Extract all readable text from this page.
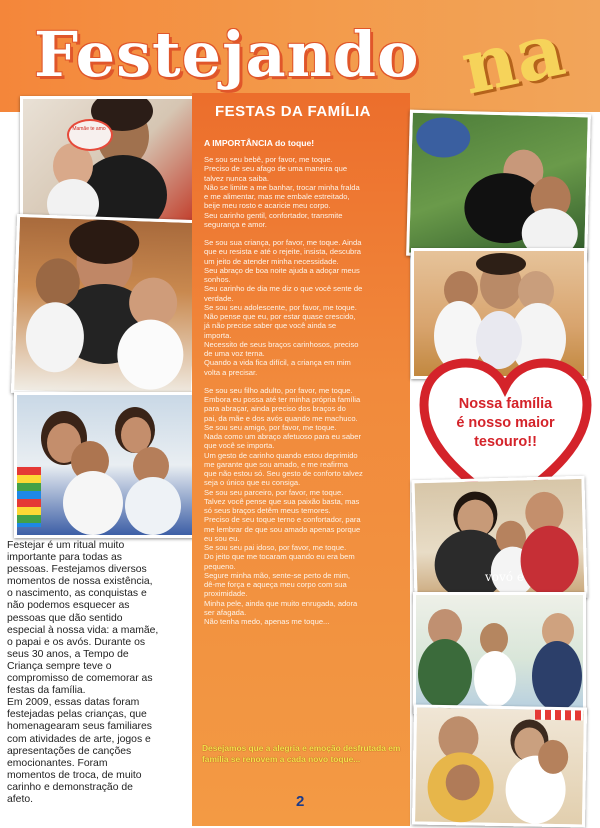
Festejando na
Mamãe te amo
Festejar é um ritual muito
importante para todas as
pessoas. Festejamos diversos
momentos de nossa existência,
o nascimento, as conquistas e
não podemos esquecer as
pessoas que dão sentido
especial à nossa vida: a mamãe,
o papai e os avós. Durante os
seus 30 anos, a Tempo de
Criança sempre teve o
compromisso de comemorar as
festas da família.
Em 2009, essas datas foram
festejadas pelas crianças, que
homenagearam seus familiares
com atividades de arte, jogos e
apresentações de canções
emocionantes. Foram
momentos de troca, de muito
carinho e demonstração de
afeto.
FESTAS DA FAMÍLIA
A IMPORTÂNCIA do toque!

Se sou seu bebê, por favor, me toque.
Preciso de seu afago de uma maneira que
talvez nunca saiba.
Não se limite a me banhar, trocar minha fralda
e me alimentar, mas me embale estreitado,
beije meu rosto e acaricie meu corpo.
Seu carinho gentil, confortador, transmite
segurança e amor.

Se sou sua criança, por favor, me toque. Ainda
que eu resista e até o rejeite, insista, descubra
um jeito de atender minha necessidade.
Seu abraço de boa noite ajuda a adoçar meus
sonhos.
Seu carinho de dia me diz o que você sente de
verdade.
Se sou seu adolescente, por favor, me toque.
Não pense que eu, por estar quase crescido,
já não precise saber que você ainda se
importa.
Necessito de seus braços carinhosos, preciso
de uma voz terna.
Quando a vida fica difícil, a criança em mim
volta a precisar.

Se sou seu filho adulto, por favor, me toque.
Embora eu possa até ter minha própria família
para abraçar, ainda preciso dos braços do
pai, da mãe e dos avós quando me machuco.
Se sou seu amigo, por favor, me toque.
Nada como um abraço afetuoso para eu saber
que você se importa.
Um gesto de carinho quando estou deprimido
me garante que sou amado, e me reafirma
que não estou só. Seu gesto de conforto talvez
seja o único que eu consiga.
Se sou seu parceiro, por favor, me toque.
Talvez você pense que sua paixão basta, mas
só seus braços detêm meus temores.
Preciso de seu toque terno e confortador, para
me lembrar de que sou amado apenas porque
eu sou eu.
Se sou seu pai idoso, por favor, me toque.
Do jeito que me tocaram quando eu era bem
pequeno.
Segure minha mão, sente-se perto de mim,
dê-me força e aqueça meu corpo com sua
proximidade.
Minha pele, ainda que muito enrugada, adora
ser afagada.
Não tenha medo, apenas me toque...

Desejamos que a alegria e emoção desfrutada em família se renovem a cada novo toque...
2
Nossa família
é nosso maior
tesouro!!
vovó e
